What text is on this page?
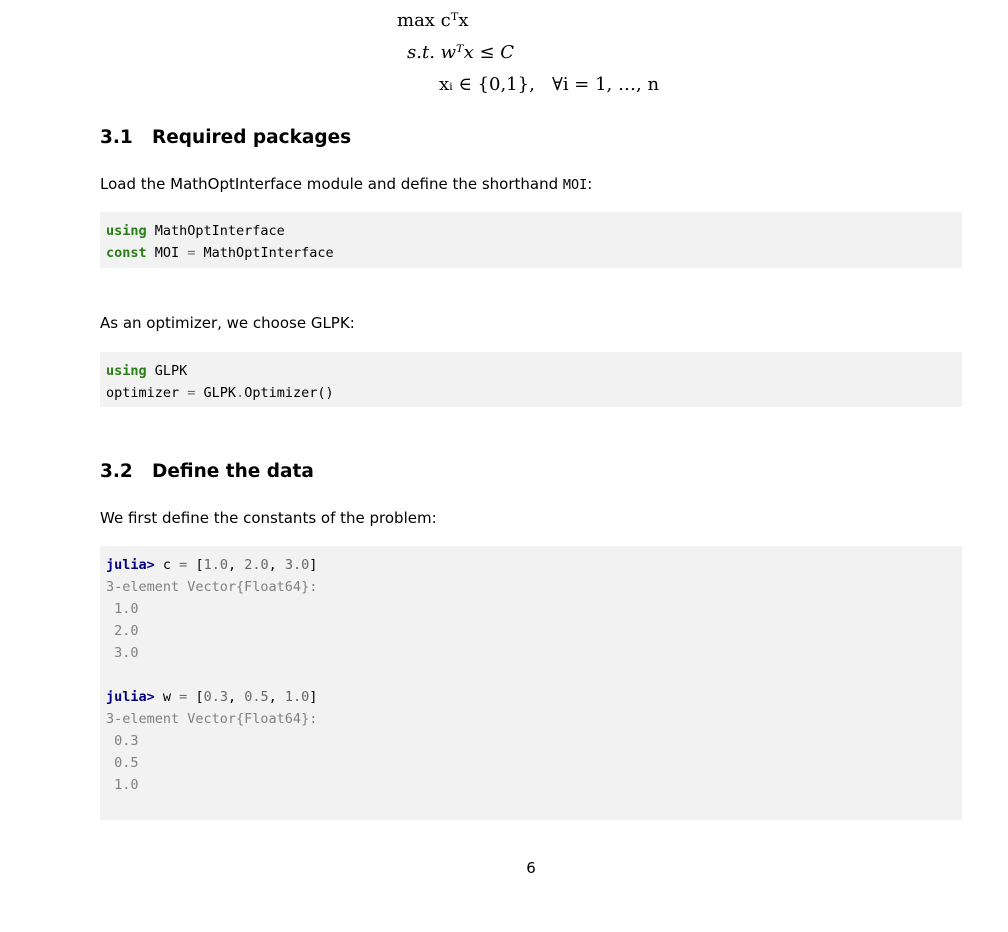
max cᵀx
s.t. wᵀx ≤ C
xᵢ ∈ {0,1},   ∀i = 1, …, n
3.1 Required packages

Load the MathOptInterface module and define the shorthand MOI:

using MathOptInterface
const MOI = MathOptInterface

As an optimizer, we choose GLPK:

using GLPK
optimizer = GLPK.Optimizer()
3.2 Define the data

We first define the constants of the problem:

julia> c = [1.0, 2.0, 3.0]
3-element Vector{Float64}:
1.0
2.0
3.0
julia> w = [0.3, 0.5, 1.0]
3-element Vector{Float64}:
0.3
0.5
1.0
6
